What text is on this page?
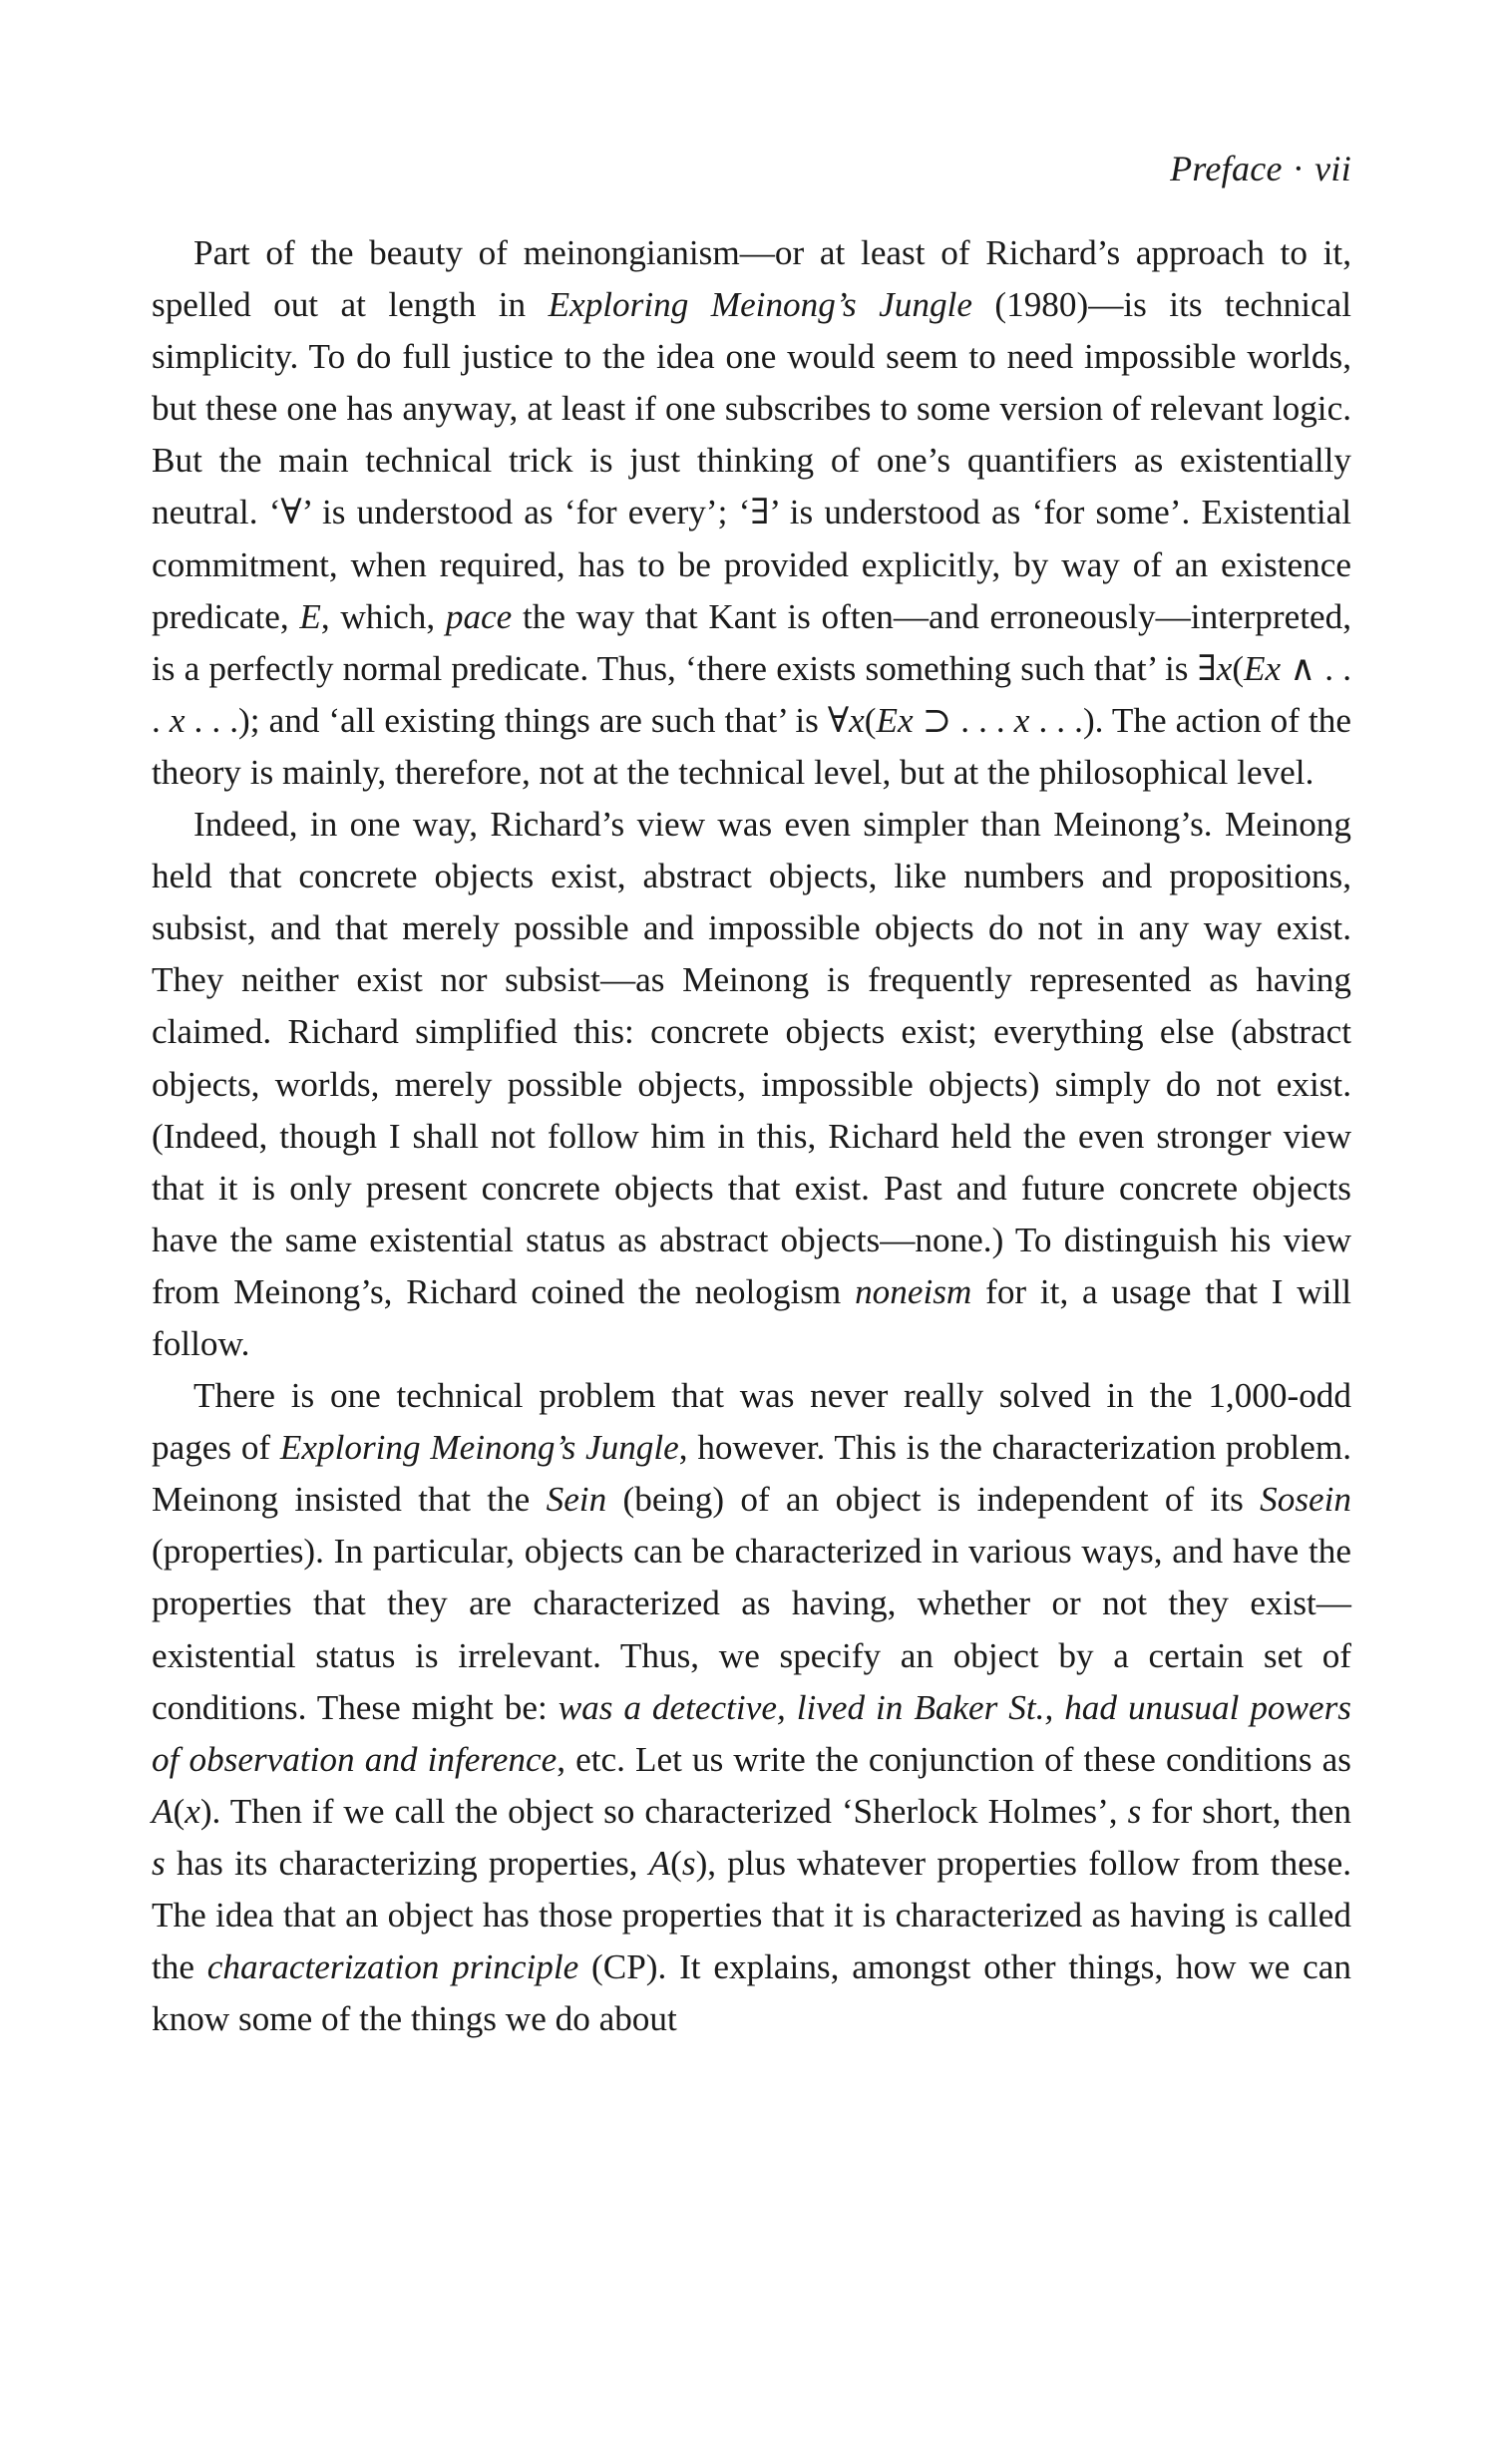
Preface · vii

Part of the beauty of meinongianism—or at least of Richard’s approach to it, spelled out at length in Exploring Meinong’s Jungle (1980)—is its technical simplicity. To do full justice to the idea one would seem to need impossible worlds, but these one has anyway, at least if one subscribes to some version of relevant logic. But the main technical trick is just thinking of one’s quantifiers as existentially neutral. ‘∀’ is understood as ‘for every’; ‘∃’ is understood as ‘for some’. Existential commitment, when required, has to be provided explicitly, by way of an existence predicate, E, which, pace the way that Kant is often—and erroneously—interpreted, is a perfectly normal predicate. Thus, ‘there exists something such that’ is ∃x(Ex ∧ . . . x . . .); and ‘all existing things are such that’ is ∀x(Ex ⊃ . . . x . . .). The action of the theory is mainly, therefore, not at the technical level, but at the philosophical level.

Indeed, in one way, Richard’s view was even simpler than Meinong’s. Meinong held that concrete objects exist, abstract objects, like numbers and propositions, subsist, and that merely possible and impossible objects do not in any way exist. They neither exist nor subsist—as Meinong is frequently represented as having claimed. Richard simplified this: concrete objects exist; everything else (abstract objects, worlds, merely possible objects, impossible objects) simply do not exist. (Indeed, though I shall not follow him in this, Richard held the even stronger view that it is only present concrete objects that exist. Past and future concrete objects have the same existential status as abstract objects—none.) To distinguish his view from Meinong’s, Richard coined the neologism noneism for it, a usage that I will follow.

There is one technical problem that was never really solved in the 1,000-odd pages of Exploring Meinong’s Jungle, however. This is the characterization problem. Meinong insisted that the Sein (being) of an object is independent of its Sosein (properties). In particular, objects can be characterized in various ways, and have the properties that they are characterized as having, whether or not they exist—existential status is irrelevant. Thus, we specify an object by a certain set of conditions. These might be: was a detective, lived in Baker St., had unusual powers of observation and inference, etc. Let us write the conjunction of these conditions as A(x). Then if we call the object so characterized ‘Sherlock Holmes’, s for short, then s has its characterizing properties, A(s), plus whatever properties follow from these. The idea that an object has those properties that it is characterized as having is called the characterization principle (CP). It explains, amongst other things, how we can know some of the things we do about
